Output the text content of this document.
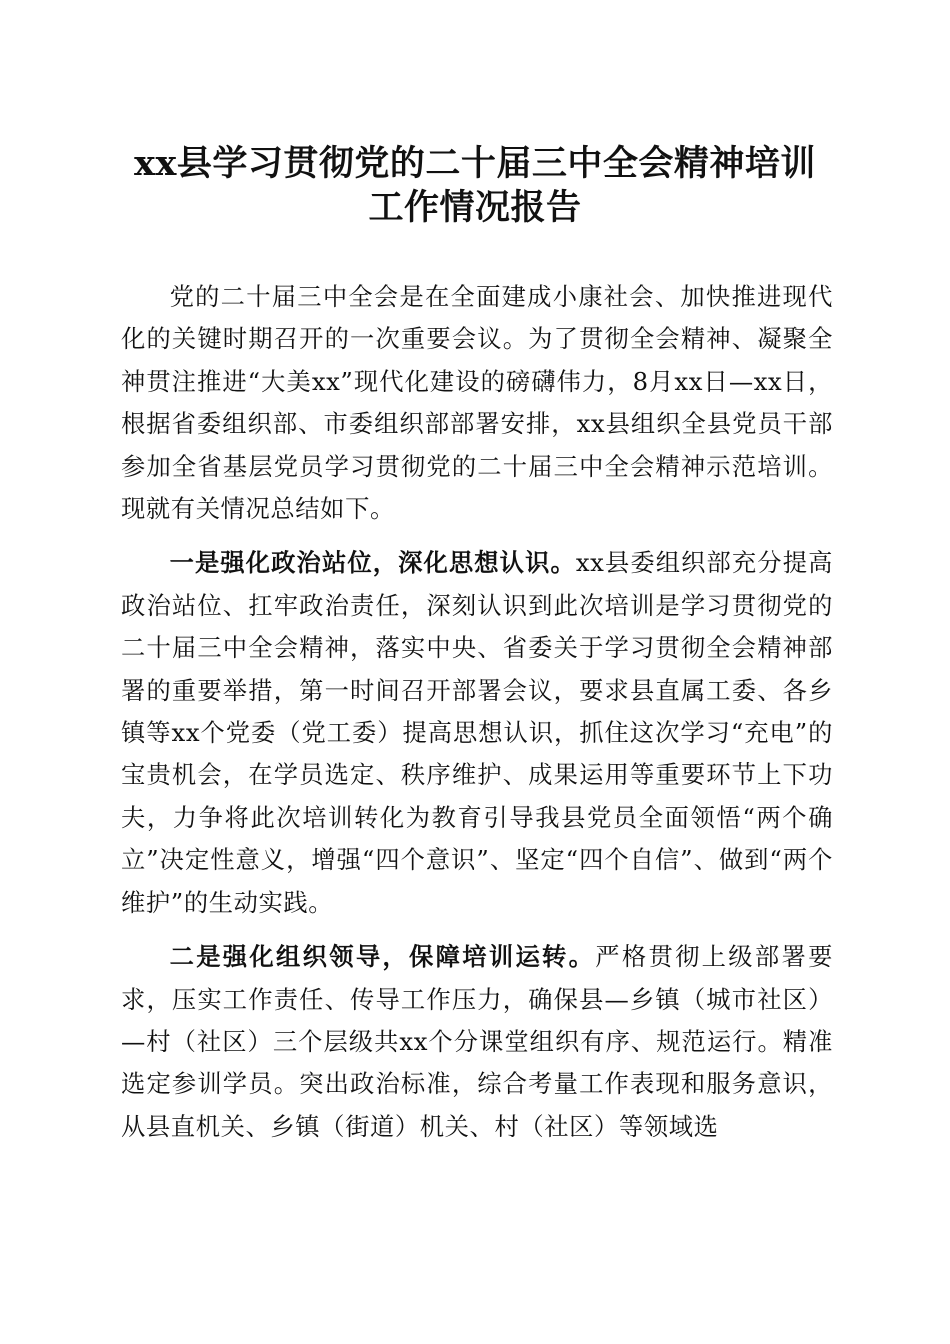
xx县学习贯彻党的二十届三中全会精神培训
工作情况报告

党的二十届三中全会是在全面建成小康社会、加快推进现代化的关键时期召开的一次重要会议。为了贯彻全会精神、凝聚全神贯注推进“大美xx”现代化建设的磅礴伟力，8月xx日—xx日，根据省委组织部、市委组织部部署安排，xx县组织全县党员干部参加全省基层党员学习贯彻党的二十届三中全会精神示范培训。现就有关情况总结如下。

一是强化政治站位，深化思想认识。xx县委组织部充分提高政治站位、扛牢政治责任，深刻认识到此次培训是学习贯彻党的二十届三中全会精神，落实中央、省委关于学习贯彻全会精神部署的重要举措，第一时间召开部署会议，要求县直属工委、各乡镇等xx个党委（党工委）提高思想认识，抓住这次学习“充电”的宝贵机会，在学员选定、秩序维护、成果运用等重要环节上下功夫，力争将此次培训转化为教育引导我县党员全面领悟“两个确立”决定性意义，增强“四个意识”、坚定“四个自信”、做到“两个维护”的生动实践。

二是强化组织领导，保障培训运转。严格贯彻上级部署要求，压实工作责任、传导工作压力，确保县—乡镇（城市社区）—村（社区）三个层级共xx个分课堂组织有序、规范运行。精准选定参训学员。突出政治标准，综合考量工作表现和服务意识，从县直机关、乡镇（街道）机关、村（社区）等领域选
